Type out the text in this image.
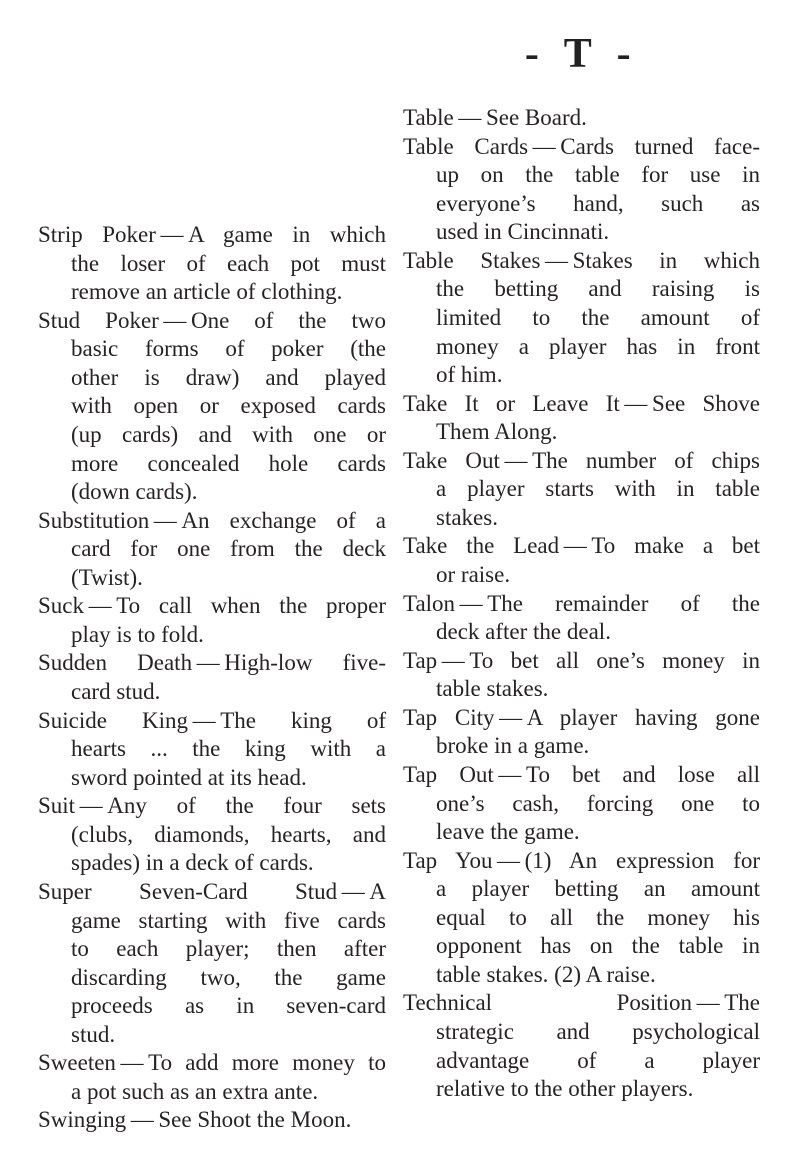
- T -

Strip Poker — A game in which
the loser of each pot must
remove an article of clothing.

Stud Poker — One of the two
basic forms of poker (the
other is draw) and played
with open or exposed cards
(up cards) and with one or
more concealed hole cards
(down cards).

Substitution — An exchange of a
card for one from the deck
(Twist).

Suck — To call when the proper
play is to fold.

Sudden Death — High-low five-
card stud.

Suicide King — The king of
hearts ... the king with a
sword pointed at its head.

Suit — Any of the four sets
(clubs, diamonds, hearts, and
spades) in a deck of cards.

Super Seven-Card Stud — A
game starting with five cards
to each player; then after
discarding two, the game
proceeds as in seven-card
stud.

Sweeten — To add more money to
a pot such as an extra ante.

Swinging — See Shoot the Moon.

Table — See Board.

Table Cards — Cards turned face-
up on the table for use in
everyone’s hand, such as
used in Cincinnati.

Table Stakes — Stakes in which
the betting and raising is
limited to the amount of
money a player has in front
of him.

Take It or Leave It — See Shove
Them Along.

Take Out — The number of chips
a player starts with in table
stakes.

Take the Lead — To make a bet
or raise.

Talon — The remainder of the
deck after the deal.

Tap — To bet all one’s money in
table stakes.

Tap City — A player having gone
broke in a game.

Tap Out — To bet and lose all
one’s cash, forcing one to
leave the game.

Tap You — (1) An expression for
a player betting an amount
equal to all the money his
opponent has on the table in
table stakes. (2) A raise.

Technical Position — The
strategic and psychological
advantage of a player
relative to the other players.
